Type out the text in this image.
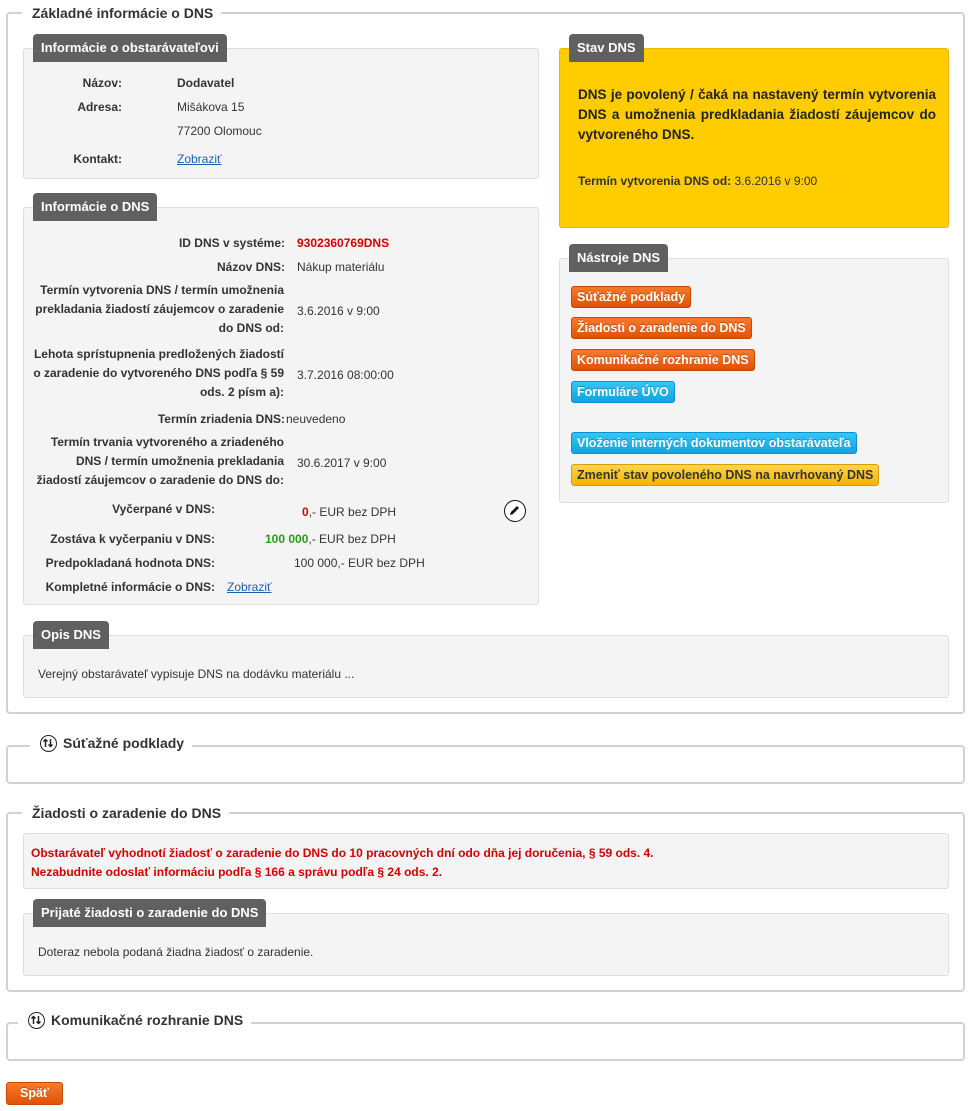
Základné informácie o DNS
Informácie o obstarávateľovi
Názov:	Dodavatel
Adresa:	Mišákova 15
77200 Olomouc
Kontakt:	Zobraziť
Informácie o DNS
ID DNS v systéme: 9302360769DNS
Názov DNS: Nákup materiálu
Termín vytvorenia DNS / termín umožnenia prekladania žiadostí záujemcov o zaradenie do DNS od:
3.6.2016 v 9:00
Lehota sprístupnenia predložených žiadostí o zaradenie do vytvoreného DNS podľa § 59 ods. 2 písm a):
3.7.2016 08:00:00
Termín zriadenia DNS: neuvedeno
Termín trvania vytvoreného a zriadeného DNS / termín umožnenia prekladania žiadostí záujemcov o zaradenie do DNS do:
30.6.2017 v 9:00
Vyčerpané v DNS:	0,- EUR bez DPH
Zostáva k vyčerpaniu v DNS:	100 000,- EUR bez DPH
Predpokladaná hodnota DNS:	100 000,- EUR bez DPH
Kompletné informácie o DNS: Zobraziť
Stav DNS
DNS je povolený / čaká na nastavený termín vytvorenia DNS a umožnenia predkladania žiadostí záujemcov do vytvoreného DNS.
Termín vytvorenia DNS od: 3.6.2016 v 9:00
Nástroje DNS
Súťažné podklady
Žiadosti o zaradenie do DNS
Komunikačné rozhranie DNS
Formuláre ÚVO
Vloženie interných dokumentov obstarávateľa
Zmeniť stav povoleného DNS na navrhovaný DNS
Opis DNS
Verejný obstarávateľ vypisuje DNS na dodávku materiálu ...
Súťažné podklady
Žiadosti o zaradenie do DNS
Obstarávateľ vyhodnotí žiadosť o zaradenie do DNS do 10 pracovných dní odo dňa jej doručenia, § 59 ods. 4.
Nezabudnite odoslať informáciu podľa § 166 a správu podľa § 24 ods. 2.
Prijaté žiadosti o zaradenie do DNS
Doteraz nebola podaná žiadna žiadosť o zaradenie.
Komunikačné rozhranie DNS
Späť
